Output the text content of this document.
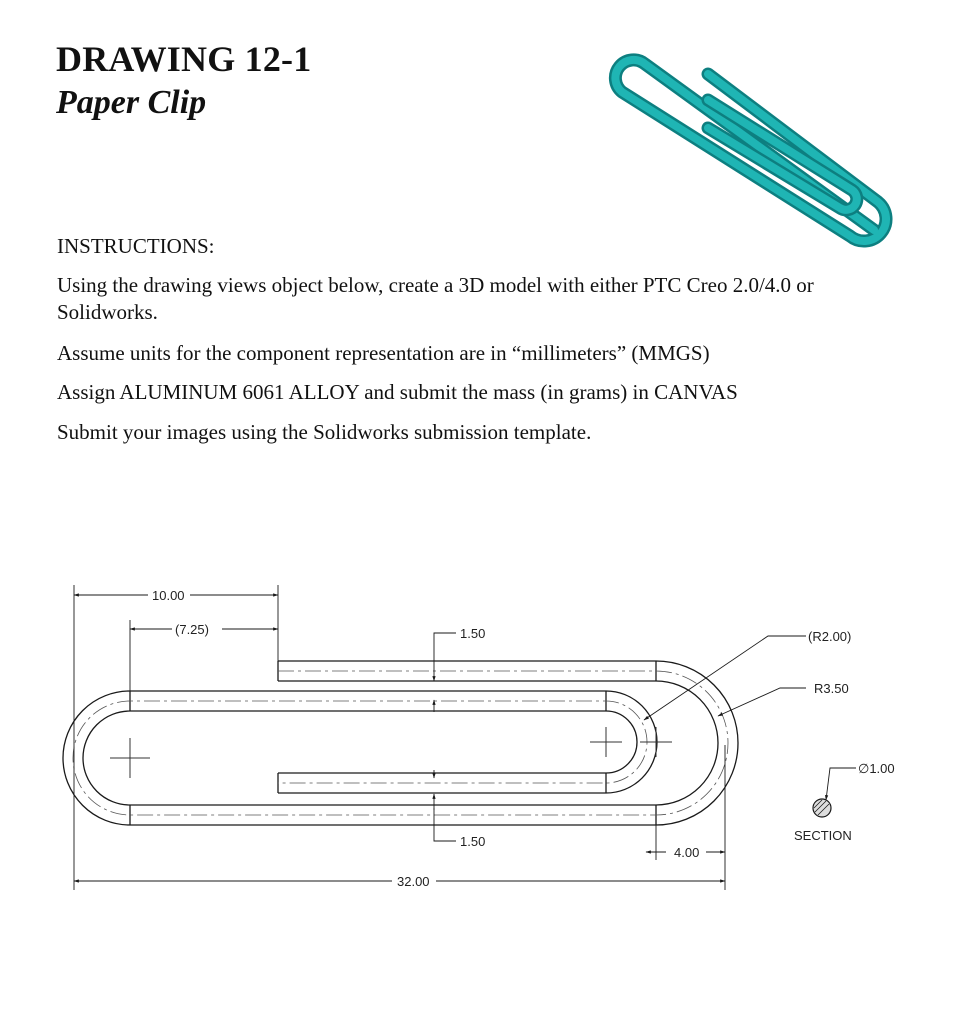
DRAWING 12-1
Paper Clip
INSTRUCTIONS:
Using the drawing views object below, create a 3D model with either PTC Creo 2.0/4.0 or Solidworks.
Assume units for the component representation are in “millimeters” (MMGS)
Assign ALUMINUM 6061 ALLOY and submit the mass (in grams) in CANVAS
Submit your images using the Solidworks submission template.
10.00
(7.25)	1.50	(R2.00)
R3.50
∅1.00
1.50
4.00
32.00
SECTION
